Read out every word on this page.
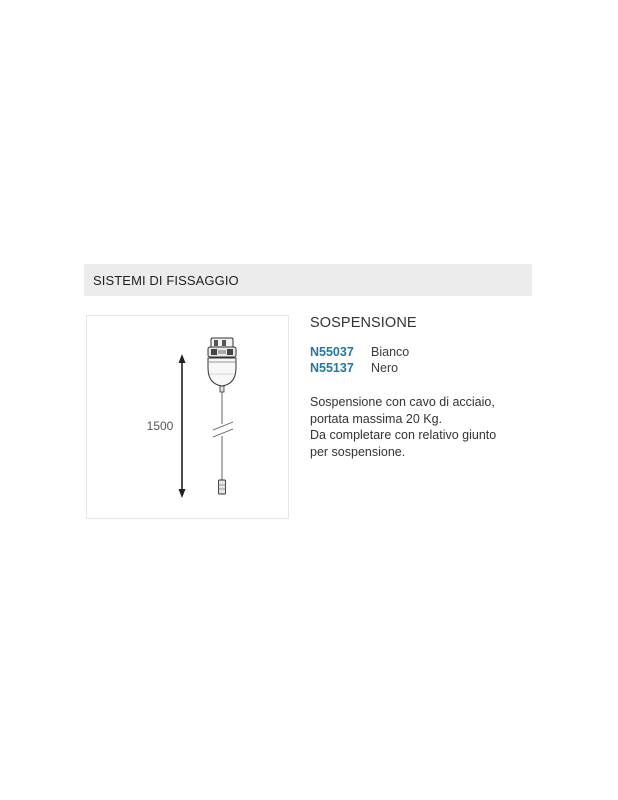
SISTEMI DI FISSAGGIO
1500
SOSPENSIONE
N55037	Bianco
N55137	Nero
Sospensione con cavo di acciaio,
portata massima 20 Kg.
Da completare con relativo giunto
per sospensione.
